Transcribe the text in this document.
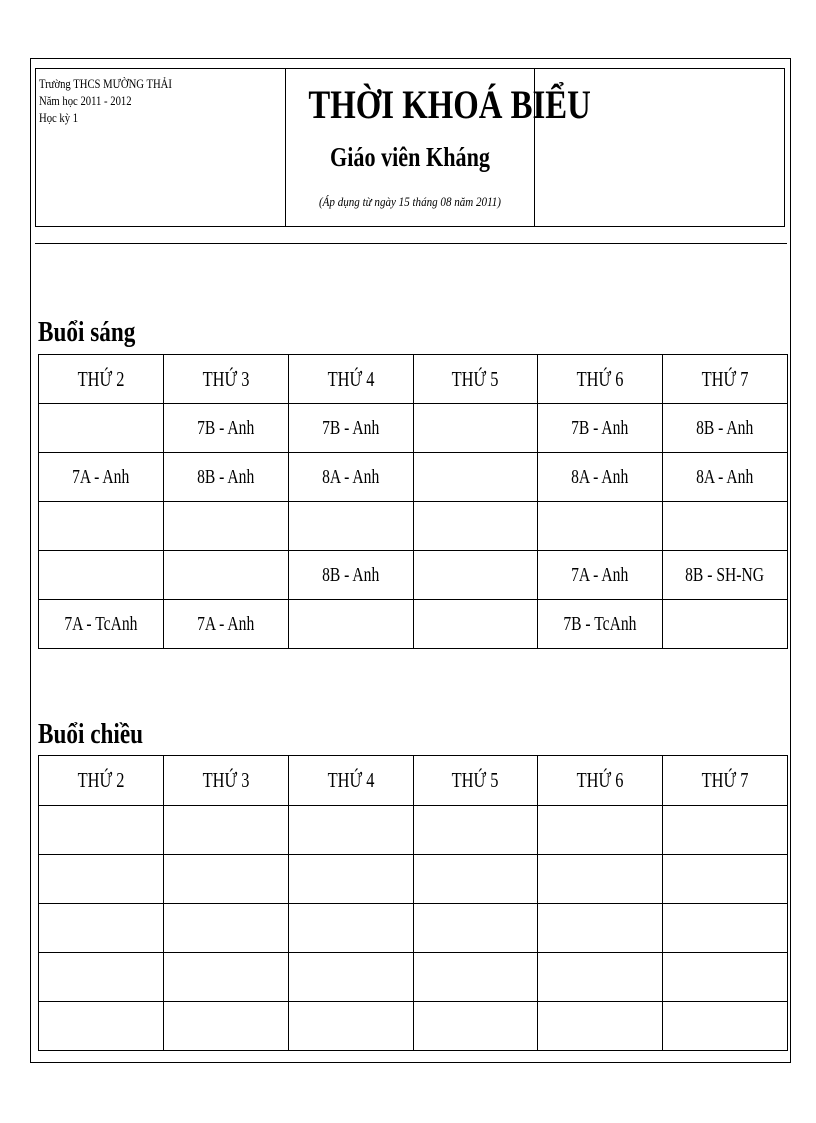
Trường THCS MƯỜNG THẢI
Năm học 2011 - 2012
Học kỳ 1	THỜI KHOÁ BIỂU
Giáo viên Kháng
(Áp dụng từ ngày 15 tháng 08 năm 2011)
Buổi sáng
THỨ 2	THỨ 3	THỨ 4	THỨ 5	THỨ 6	THỨ 7
	7B - Anh	7B - Anh		7B - Anh	8B - Anh
7A - Anh	8B - Anh	8A - Anh		8A - Anh	8A - Anh

		8B - Anh		7A - Anh	8B - SH-NG
7A - TcAnh	7A - Anh			7B - TcAnh	
Buổi chiều
THỨ 2	THỨ 3	THỨ 4	THỨ 5	THỨ 6	THỨ 7
